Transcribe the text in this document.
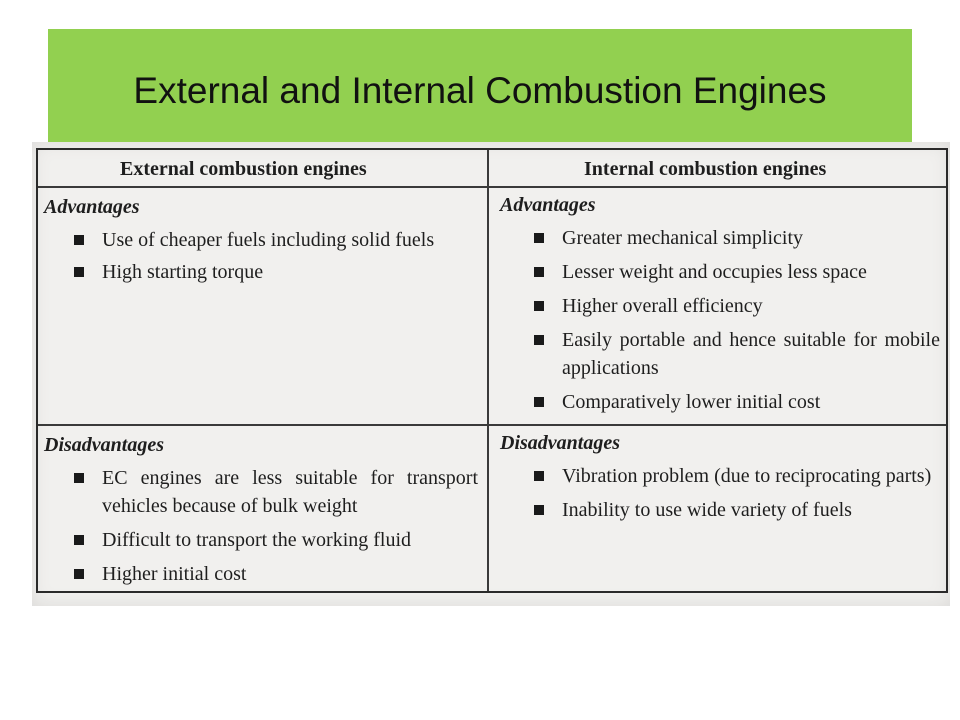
External and Internal Combustion Engines
External combustion engines	Internal combustion engines
Advantages
Use of cheaper fuels including solid fuels
High starting torque
Advantages
Greater mechanical simplicity
Lesser weight and occupies less space
Higher overall efficiency
Easily portable and hence suitable for mobile applications
Comparatively lower initial cost
Disadvantages
EC engines are less suitable for transport vehicles because of bulk weight
Difficult to transport the working fluid
Higher initial cost
Disadvantages
Vibration problem (due to reciprocating parts)
Inability to use wide variety of fuels
